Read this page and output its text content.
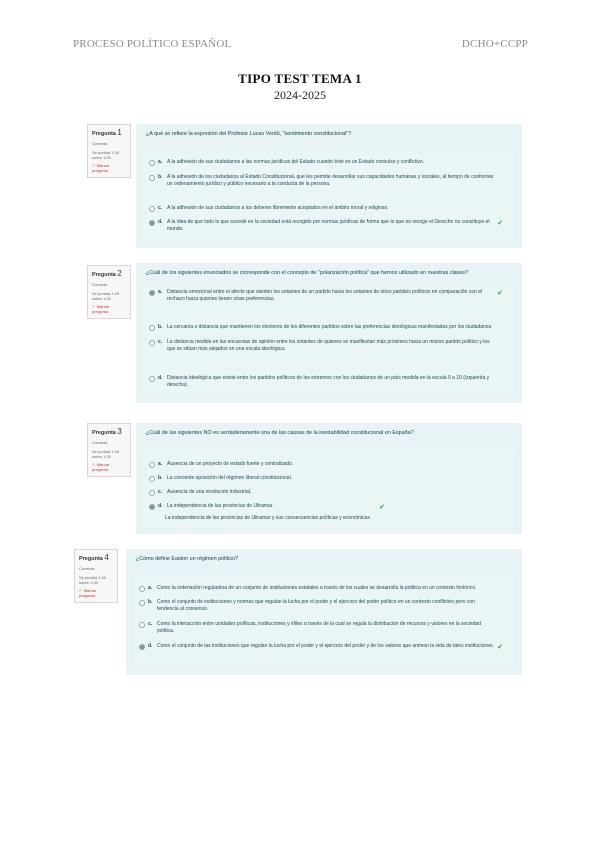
PROCESO POLÍTICO ESPAÑOL	DCHO+CCPP
TIPO TEST TEMA 1
2024-2025
Pregunta 1
Correcta
Se puntúa 1,00 sobre 1,00
⚐ Marcar pregunta
¿A qué se refiere la expresión del Profesor Lucas Verdú, "sentimiento constitucional"?
a. A la adhesión de sus ciudadanos a las normas jurídicas del Estado cuando éste es un Estado convulso y conflictivo.
b. A la adhesión de los ciudadanos al Estado Constitucional, que les permite desarrollar sus capacidades humanas y sociales, al tiempo de conformar un ordenamiento jurídico y público necesario a la conducta de la persona.
c. A la adhesión de sus ciudadanos a los deberes libremente aceptados en el ámbito moral y religioso.
d. A la idea de que todo lo que sucede en la sociedad está recogido por normas jurídicas de forma que lo que no recoge el Derecho no constituye el mundo.
✔
Pregunta 2
Correcta
Se puntúa 1,00 sobre 1,00
⚐ Marcar pregunta
¿Cuál de los siguientes enunciados se corresponde con el concepto de "polarización política" que hemos utilizado en nuestras clases?
a. Distancia emocional entre el afecto que sienten los votantes de un partido hacia los votantes de otros partidos políticos en comparación con el rechazo hacia quienes tienen otras preferencias.
✔
b. La cercanía o distancia que mantienen los electores de los diferentes partidos sobre las preferencias ideológicas manifestadas por los ciudadanos.
c. La distancia medida en las encuestas de opinión entre los votantes de quienes se manifiestan más próximos hacia un mismo partido político y los que se sitúan más alejados en una escala ideológica.
d. Distancia ideológica que existe entre los partidos políticos de los extremos con los ciudadanos de un país medida en la escala 0 a 10 (izquierda y derecha).
Pregunta 3
Correcta
Se puntúa 1,00 sobre 1,00
⚐ Marcar pregunta
¿Cuál de las siguientes NO es verdaderamente una de las causas de la inestabilidad constitucional en España?
a. Ausencia de un proyecto de estado fuerte y centralizado.
b. La creciente oposición del régimen liberal constitucional.
c. Ausencia de una revolución industrial.
d. La independencia de las provincias de Ultramar	✔
La independencia de las provincias de Ultramar y sus consecuencias políticas y económicas
Pregunta 4
Correcta
Se puntúa 1,00 sobre 1,00
⚐ Marcar pregunta
¿Cómo define Easton un régimen político?
a. Como la ordenación reguladora de un conjunto de instituciones estatales a través de los cuales se desarrolla la política en un contexto histórico.
b. Como el conjunto de instituciones y normas que regulan la lucha por el poder y el ejercicio del poder político en un contexto conflictivo pero con tendencia al consenso.
c. Como la interacción entre unidades políticas, instituciones y élites a través de la cual se regula la distribución de recursos y valores en la sociedad política.
d. Como el conjunto de las instituciones que regulan la lucha por el poder y el ejercicio del poder y de los valores que animan la vida de tales instituciones. ✔
